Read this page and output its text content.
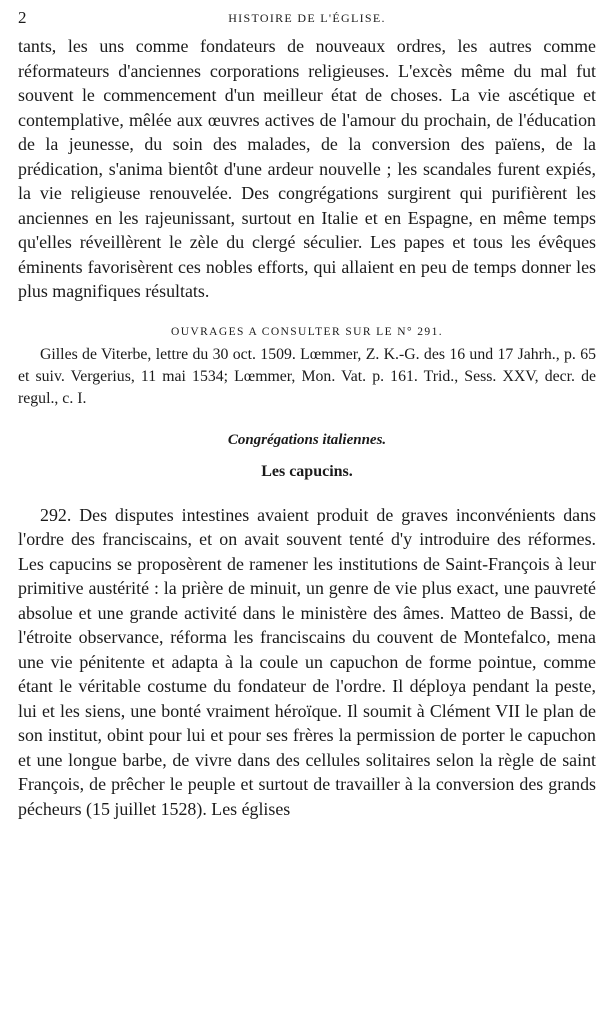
2	HISTOIRE DE L'ÉGLISE.

tants, les uns comme fondateurs de nouveaux ordres, les autres comme réformateurs d'anciennes corporations religieuses. L'excès même du mal fut souvent le commencement d'un meilleur état de choses. La vie ascétique et contemplative, mêlée aux œuvres actives de l'amour du prochain, de l'éducation de la jeunesse, du soin des malades, de la conversion des païens, de la prédication, s'anima bientôt d'une ardeur nouvelle ; les scandales furent expiés, la vie religieuse renouvelée. Des congrégations surgirent qui purifièrent les anciennes en les rajeunissant, surtout en Italie et en Espagne, en même temps qu'elles réveillèrent le zèle du clergé séculier. Les papes et tous les évêques éminents favorisèrent ces nobles efforts, qui allaient en peu de temps donner les plus magnifiques résultats.

OUVRAGES A CONSULTER SUR LE N° 291.

Gilles de Viterbe, lettre du 30 oct. 1509. Lœmmer, Z. K.-G. des 16 und 17 Jahrh., p. 65 et suiv. Vergerius, 11 mai 1534; Lœmmer, Mon. Vat. p. 161. Trid., Sess. XXV, decr. de regul., c. I.

Congrégations italiennes.
Les capucins.

292. Des disputes intestines avaient produit de graves inconvénients dans l'ordre des franciscains, et on avait souvent tenté d'y introduire des réformes. Les capucins se proposèrent de ramener les institutions de Saint-François à leur primitive austérité : la prière de minuit, un genre de vie plus exact, une pauvreté absolue et une grande activité dans le ministère des âmes. Matteo de Bassi, de l'étroite observance, réforma les franciscains du couvent de Montefalco, mena une vie pénitente et adapta à la coule un capuchon de forme pointue, comme étant le véritable costume du fondateur de l'ordre. Il déploya pendant la peste, lui et les siens, une bonté vraiment héroïque. Il soumit à Clément VII le plan de son institut, obint pour lui et pour ses frères la permission de porter le capuchon et une longue barbe, de vivre dans des cellules solitaires selon la règle de saint François, de prêcher le peuple et surtout de travailler à la conversion des grands pécheurs (15 juillet 1528). Les églises
